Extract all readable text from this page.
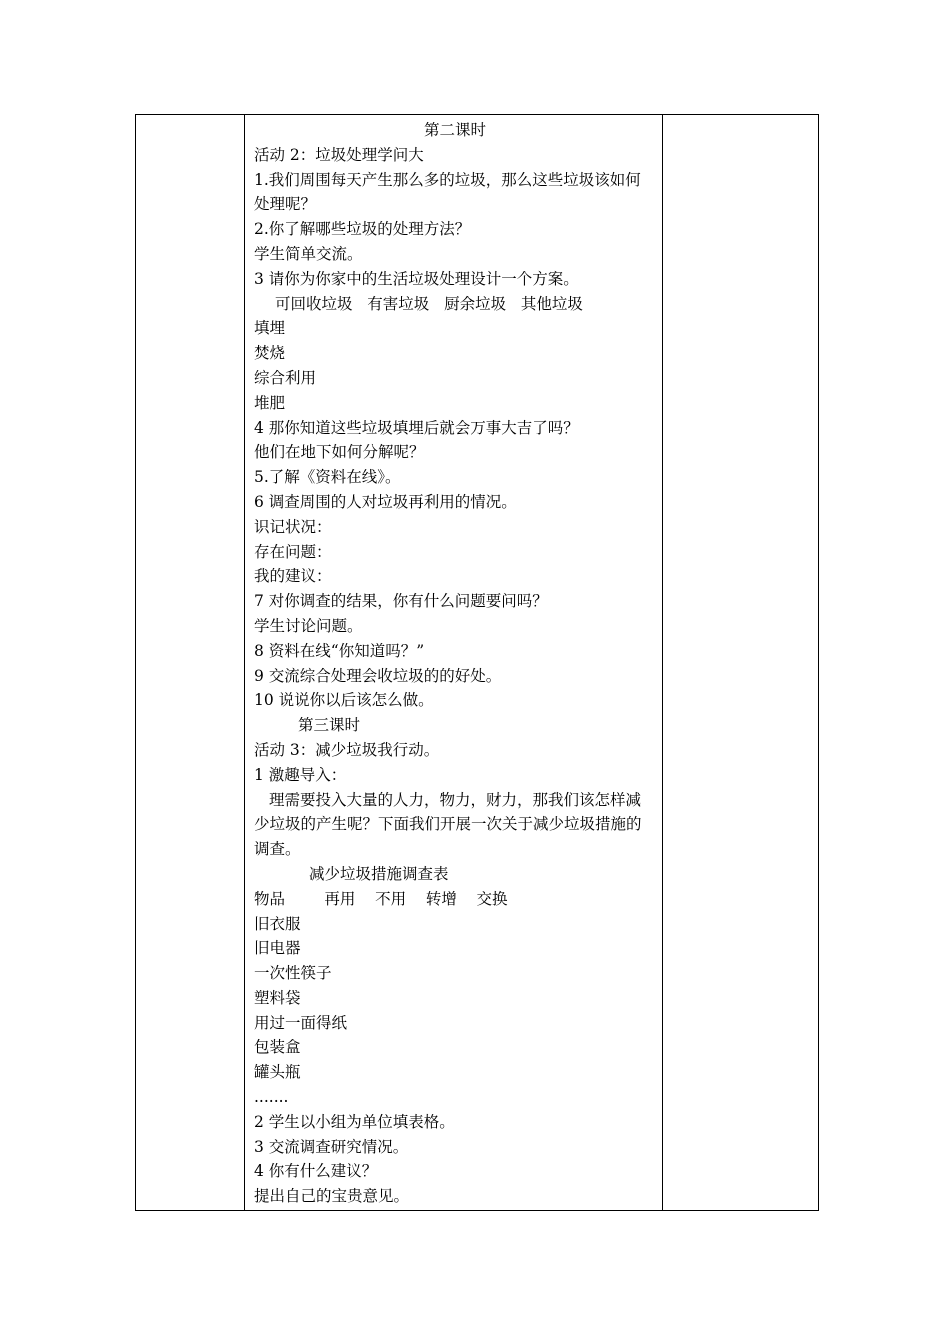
第二课时
活动 2：垃圾处理学问大
1.我们周围每天产生那么多的垃圾，那么这些垃圾该如何处理呢？
2.你了解哪些垃圾的处理方法？
学生简单交流。
3 请你为你家中的生活垃圾处理设计一个方案。
可回收垃圾   有害垃圾   厨余垃圾   其他垃圾
填埋
焚烧
综合利用
堆肥
4 那你知道这些垃圾填埋后就会万事大吉了吗？
他们在地下如何分解呢？
5.了解《资料在线》。
6 调查周围的人对垃圾再利用的情况。
识记状况：
存在问题：
我的建议：
7 对你调查的结果，你有什么问题要问吗？
学生讨论问题。
8 资料在线“你知道吗？”
9 交流综合处理会收垃圾的的好处。
10 说说你以后该怎么做。
第三课时
活动 3：减少垃圾我行动。
1 激趣导入：
理需要投入大量的人力，物力，财力，那我们该怎样减少垃圾的产生呢？下面我们开展一次关于减少垃圾措施的调查。
减少垃圾措施调查表
物品        再用    不用    转增    交换
旧衣服
旧电器
一次性筷子
塑料袋
用过一面得纸
包装盒
罐头瓶
.......
2 学生以小组为单位填表格。
3 交流调查研究情况。
4 你有什么建议？
提出自己的宝贵意见。
